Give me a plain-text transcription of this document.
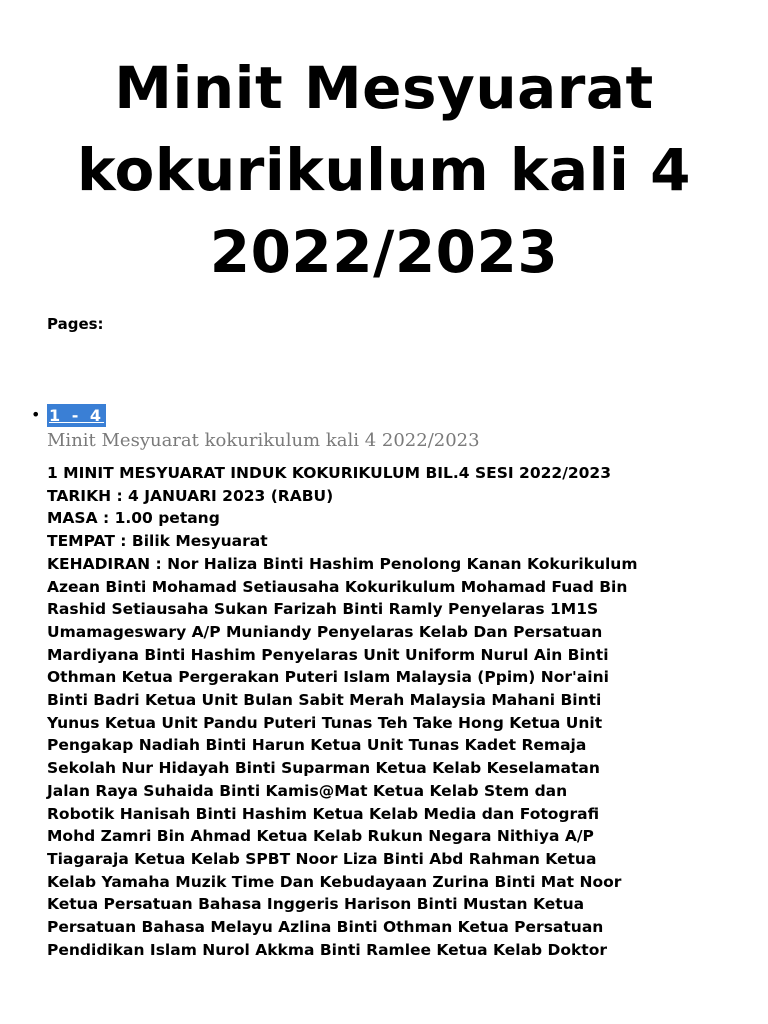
Minit Mesyuarat
kokurikulum kali 4
2022/2023
Pages:
• 1 - 4
Minit Mesyuarat kokurikulum kali 4 2022/2023
1 MINIT MESYUARAT INDUK KOKURIKULUM BIL.4 SESI 2022/2023
TARIKH : 4 JANUARI 2023 (RABU)
MASA : 1.00 petang
TEMPAT : Bilik Mesyuarat
KEHADIRAN : Nor Haliza Binti Hashim Penolong Kanan Kokurikulum
Azean Binti Mohamad Setiausaha Kokurikulum Mohamad Fuad Bin
Rashid Setiausaha Sukan Farizah Binti Ramly Penyelaras 1M1S
Umamageswary A/P Muniandy Penyelaras Kelab Dan Persatuan
Mardiyana Binti Hashim Penyelaras Unit Uniform Nurul Ain Binti
Othman Ketua Pergerakan Puteri Islam Malaysia (Ppim) Nor'aini
Binti Badri Ketua Unit Bulan Sabit Merah Malaysia Mahani Binti
Yunus Ketua Unit Pandu Puteri Tunas Teh Take Hong Ketua Unit
Pengakap Nadiah Binti Harun Ketua Unit Tunas Kadet Remaja
Sekolah Nur Hidayah Binti Suparman Ketua Kelab Keselamatan
Jalan Raya Suhaida Binti Kamis@Mat Ketua Kelab Stem dan
Robotik Hanisah Binti Hashim Ketua Kelab Media dan Fotografi
Mohd Zamri Bin Ahmad Ketua Kelab Rukun Negara Nithiya A/P
Tiagaraja Ketua Kelab SPBT Noor Liza Binti Abd Rahman Ketua
Kelab Yamaha Muzik Time Dan Kebudayaan Zurina Binti Mat Noor
Ketua Persatuan Bahasa Inggeris Harison Binti Mustan Ketua
Persatuan Bahasa Melayu Azlina Binti Othman Ketua Persatuan
Pendidikan Islam Nurol Akkma Binti Ramlee Ketua Kelab Doktor
